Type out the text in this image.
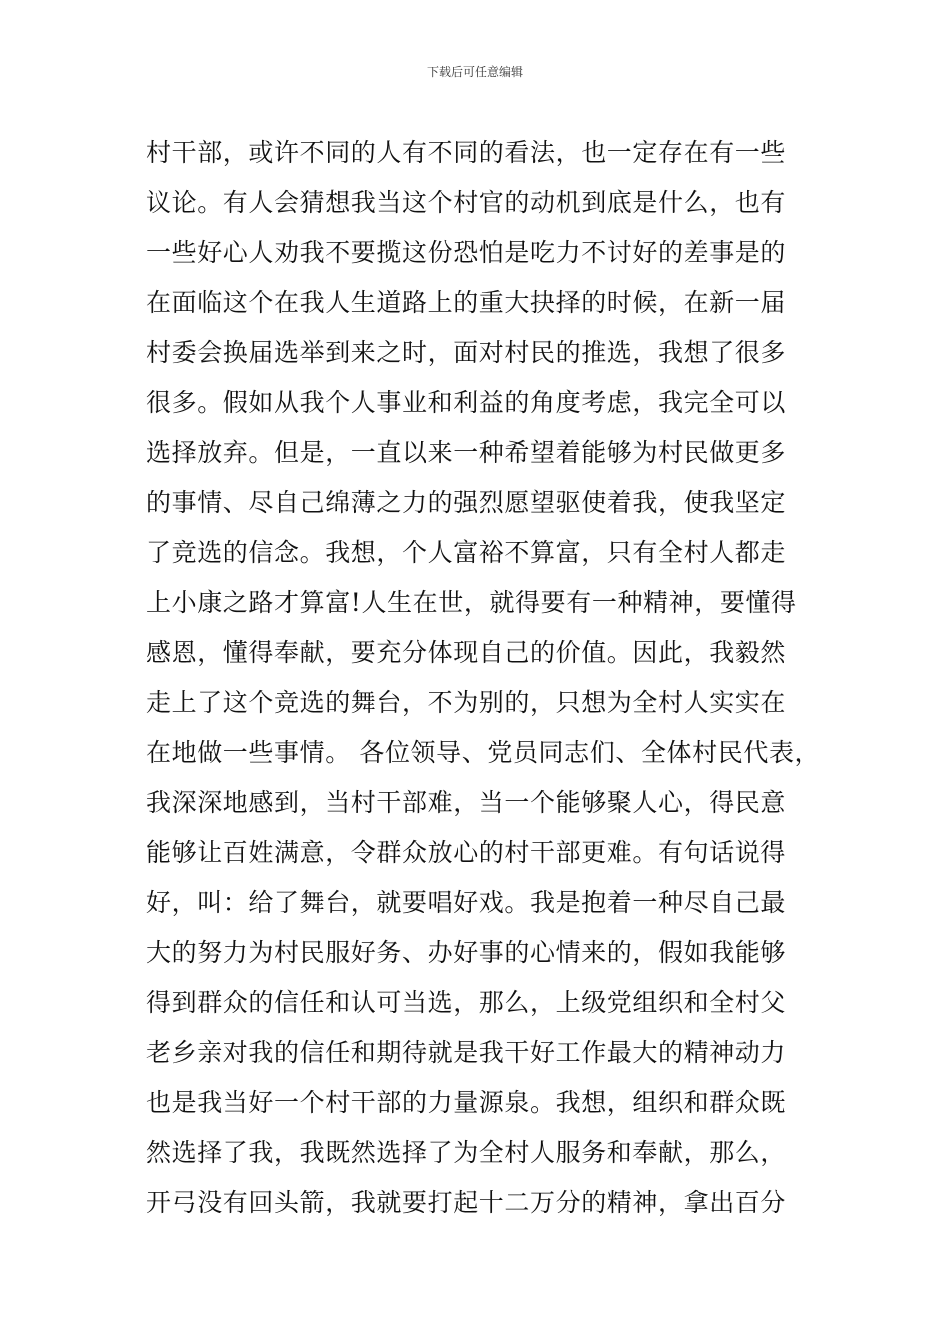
下载后可任意编辑
村干部，或许不同的人有不同的看法，也一定存在有一些
议论。有人会猜想我当这个村官的动机到底是什么，也有
一些好心人劝我不要揽这份恐怕是吃力不讨好的差事是的
在面临这个在我人生道路上的重大抉择的时候，在新一届
村委会换届选举到来之时，面对村民的推选，我想了很多
很多。假如从我个人事业和利益的角度考虑，我完全可以
选择放弃。但是，一直以来一种希望着能够为村民做更多
的事情、尽自己绵薄之力的强烈愿望驱使着我，使我坚定
了竞选的信念。我想，个人富裕不算富，只有全村人都走
上小康之路才算富!人生在世，就得要有一种精神，要懂得
感恩，懂得奉献，要充分体现自己的价值。因此，我毅然
走上了这个竞选的舞台，不为别的，只想为全村人实实在
在地做一些事情。 各位领导、党员同志们、全体村民代表，
我深深地感到，当村干部难，当一个能够聚人心，得民意
能够让百姓满意，令群众放心的村干部更难。有句话说得
好，叫：给了舞台，就要唱好戏。我是抱着一种尽自己最
大的努力为村民服好务、办好事的心情来的，假如我能够
得到群众的信任和认可当选，那么，上级党组织和全村父
老乡亲对我的信任和期待就是我干好工作最大的精神动力
也是我当好一个村干部的力量源泉。我想，组织和群众既
然选择了我，我既然选择了为全村人服务和奉献，那么，
开弓没有回头箭，我就要打起十二万分的精神，拿出百分
